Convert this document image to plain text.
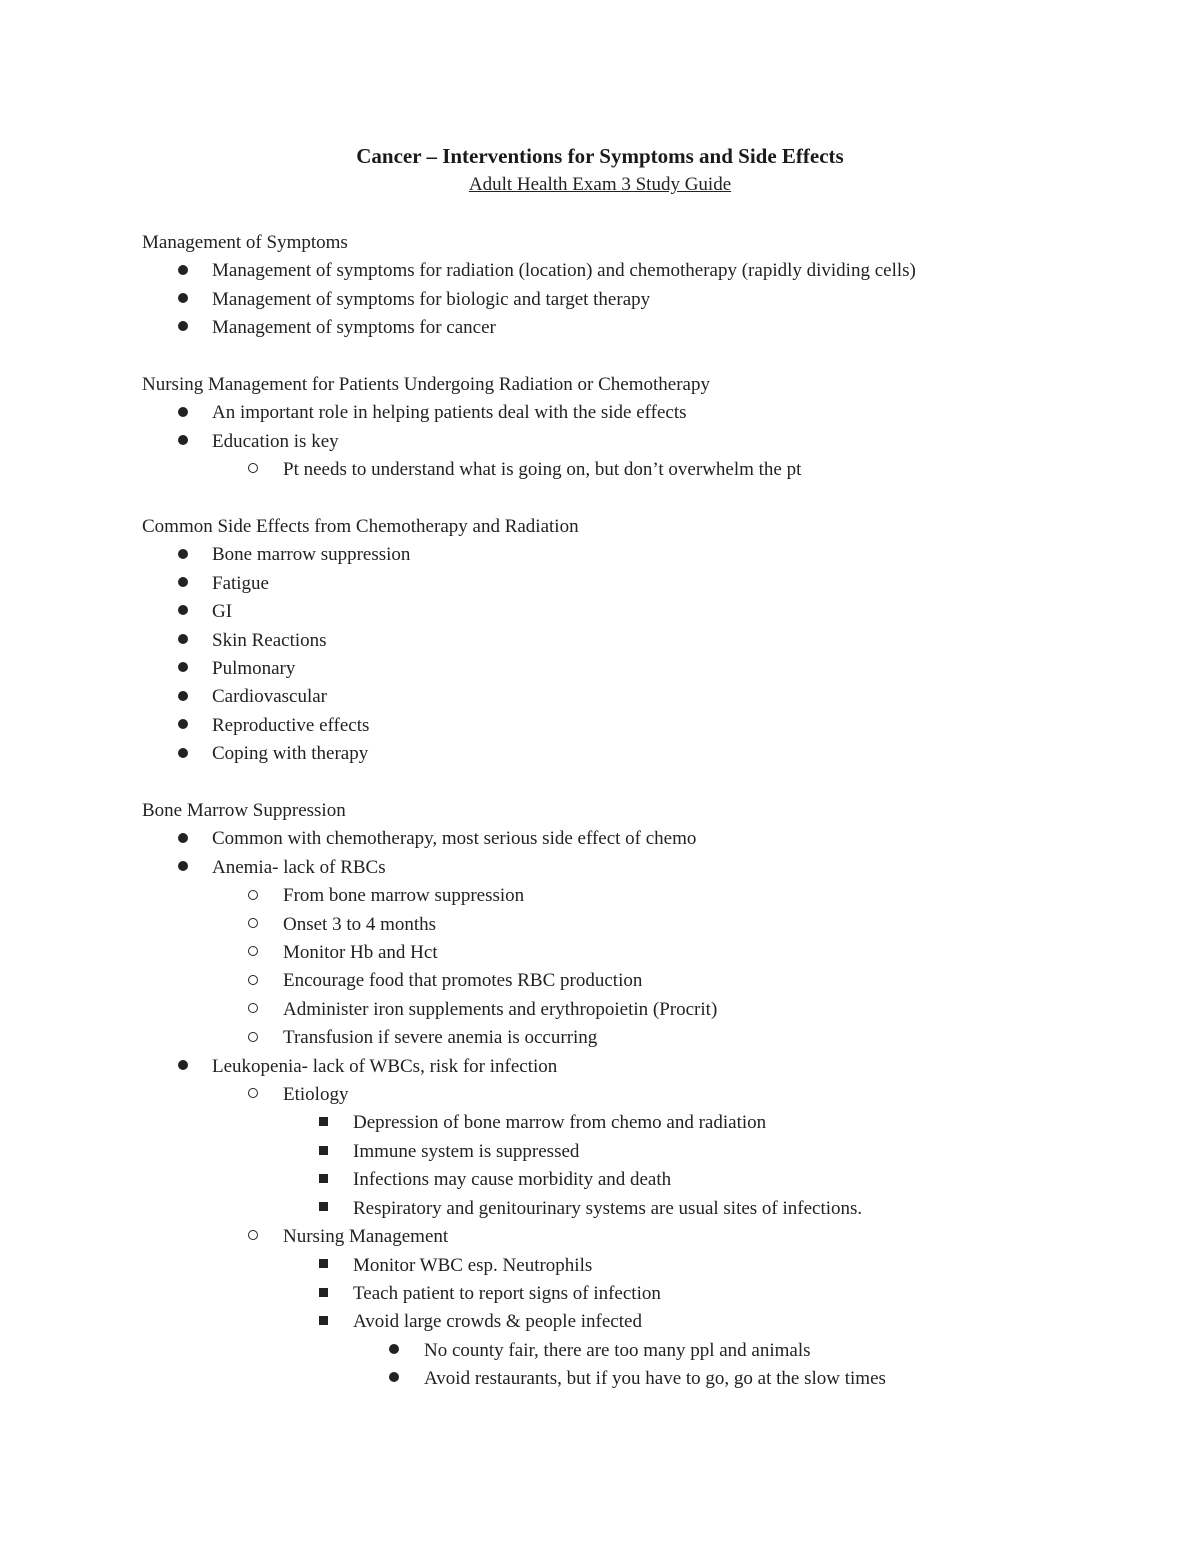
Cancer – Interventions for Symptoms and Side Effects
Adult Health Exam 3 Study Guide
Management of Symptoms
Management of symptoms for radiation (location) and chemotherapy (rapidly dividing cells)
Management of symptoms for biologic and target therapy
Management of symptoms for cancer
Nursing Management for Patients Undergoing Radiation or Chemotherapy
An important role in helping patients deal with the side effects
Education is key
Pt needs to understand what is going on, but don’t overwhelm the pt
Common Side Effects from Chemotherapy and Radiation
Bone marrow suppression
Fatigue
GI
Skin Reactions
Pulmonary
Cardiovascular
Reproductive effects
Coping with therapy
Bone Marrow Suppression
Common with chemotherapy, most serious side effect of chemo
Anemia- lack of RBCs
From bone marrow suppression
Onset 3 to 4 months
Monitor Hb and Hct
Encourage food that promotes RBC production
Administer iron supplements and erythropoietin (Procrit)
Transfusion if severe anemia is occurring
Leukopenia- lack of WBCs, risk for infection
Etiology
Depression of bone marrow from chemo and radiation
Immune system is suppressed
Infections may cause morbidity and death
Respiratory and genitourinary systems are usual sites of infections.
Nursing Management
Monitor WBC esp. Neutrophils
Teach patient to report signs of infection
Avoid large crowds & people infected
No county fair, there are too many ppl and animals
Avoid restaurants, but if you have to go, go at the slow times
